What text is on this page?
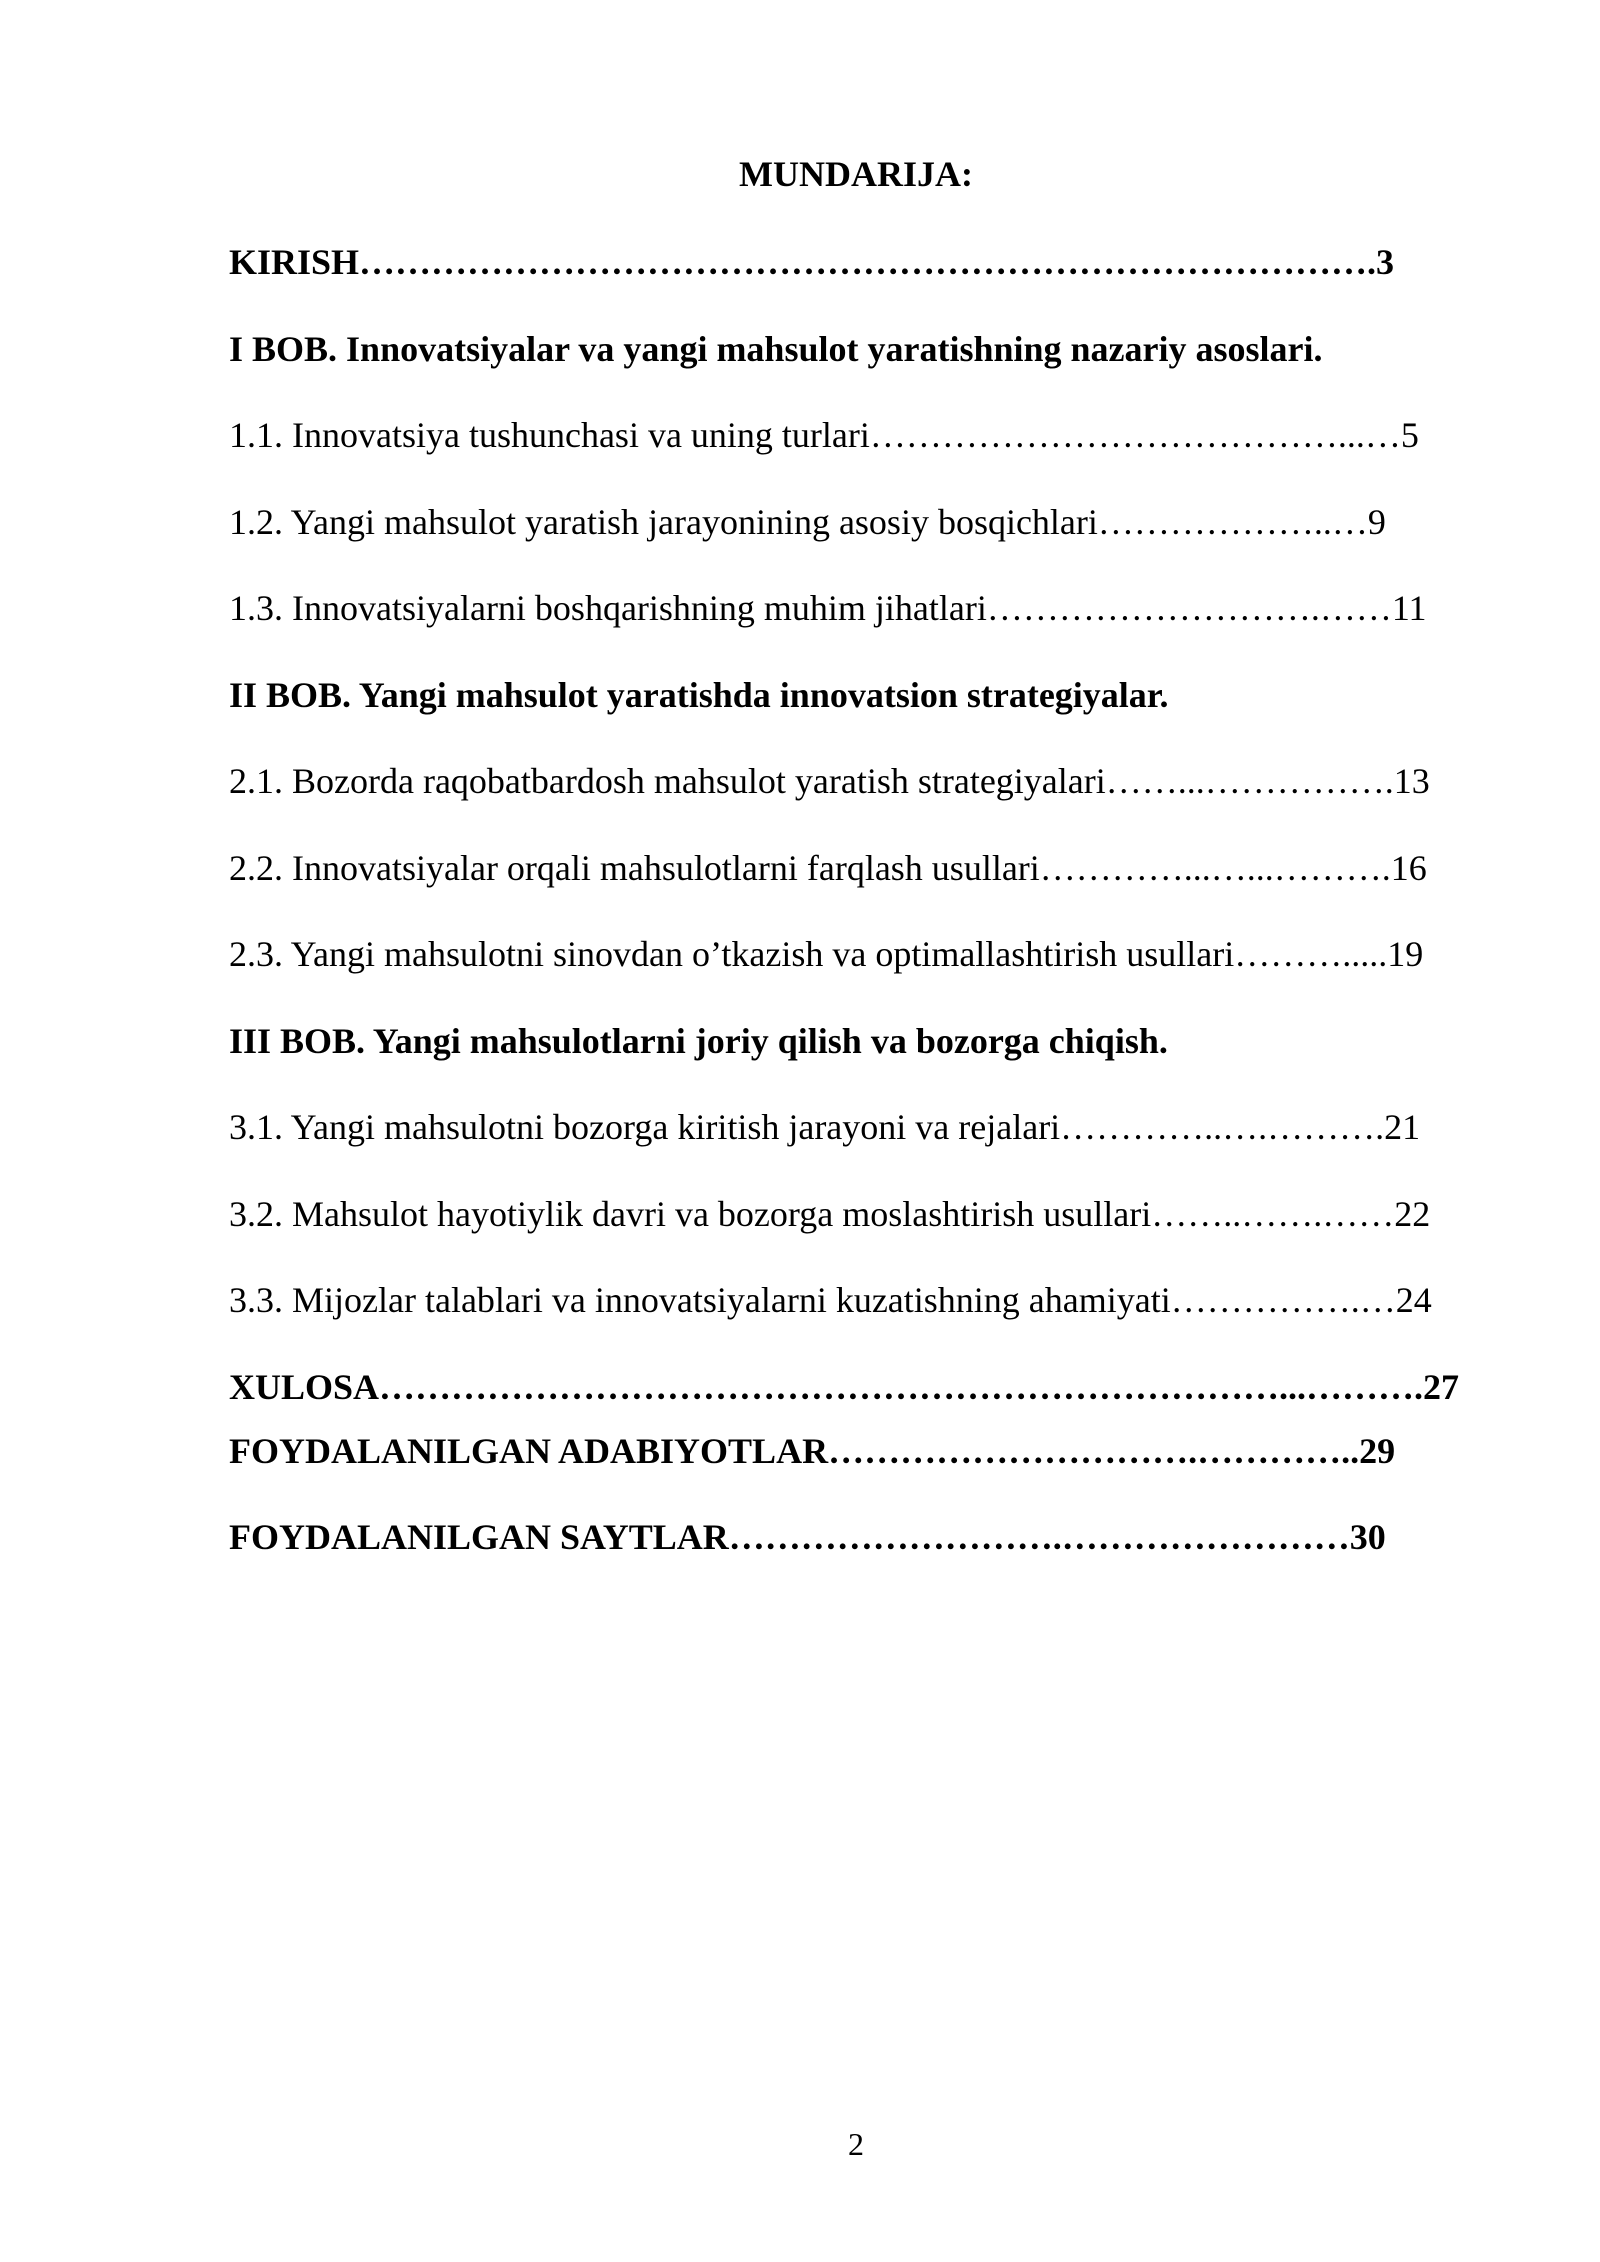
MUNDARIJA:
KIRISH………………………………………………………………………….3
I BOB. Innovatsiyalar va yangi mahsulot yaratishning nazariy asoslari.
1.1. Innovatsiya tushunchasi va uning turlari…………………………………...…5
1.2. Yangi mahsulot yaratish jarayonining asosiy bosqichlari………………..…9
1.3. Innovatsiyalarni boshqarishning muhim jihatlari……………………….……11
II BOB. Yangi mahsulot yaratishda innovatsion strategiyalar.
2.1. Bozorda raqobatbardosh mahsulot yaratish strategiyalari……...…………….13
2.2. Innovatsiyalar orqali mahsulotlarni farqlash usullari…………...…...……….16
2.3. Yangi mahsulotni sinovdan o’tkazish va optimallashtirish usullari……….....19
III BOB. Yangi mahsulotlarni joriy qilish va bozorga chiqish.
3.1. Yangi mahsulotni bozorga kiritish jarayoni va rejalari…………..….……….21
3.2. Mahsulot hayotiylik davri va bozorga moslashtirish usullari……..…….……22
3.3. Mijozlar talablari va innovatsiyalarni kuzatishning ahamiyati…………….…24
XULOSA…………………………………………………………………...……….27
FOYDALANILGAN ADABIYOTLAR………………………….…………..29
FOYDALANILGAN SAYTLAR……………………….……………………30
2
